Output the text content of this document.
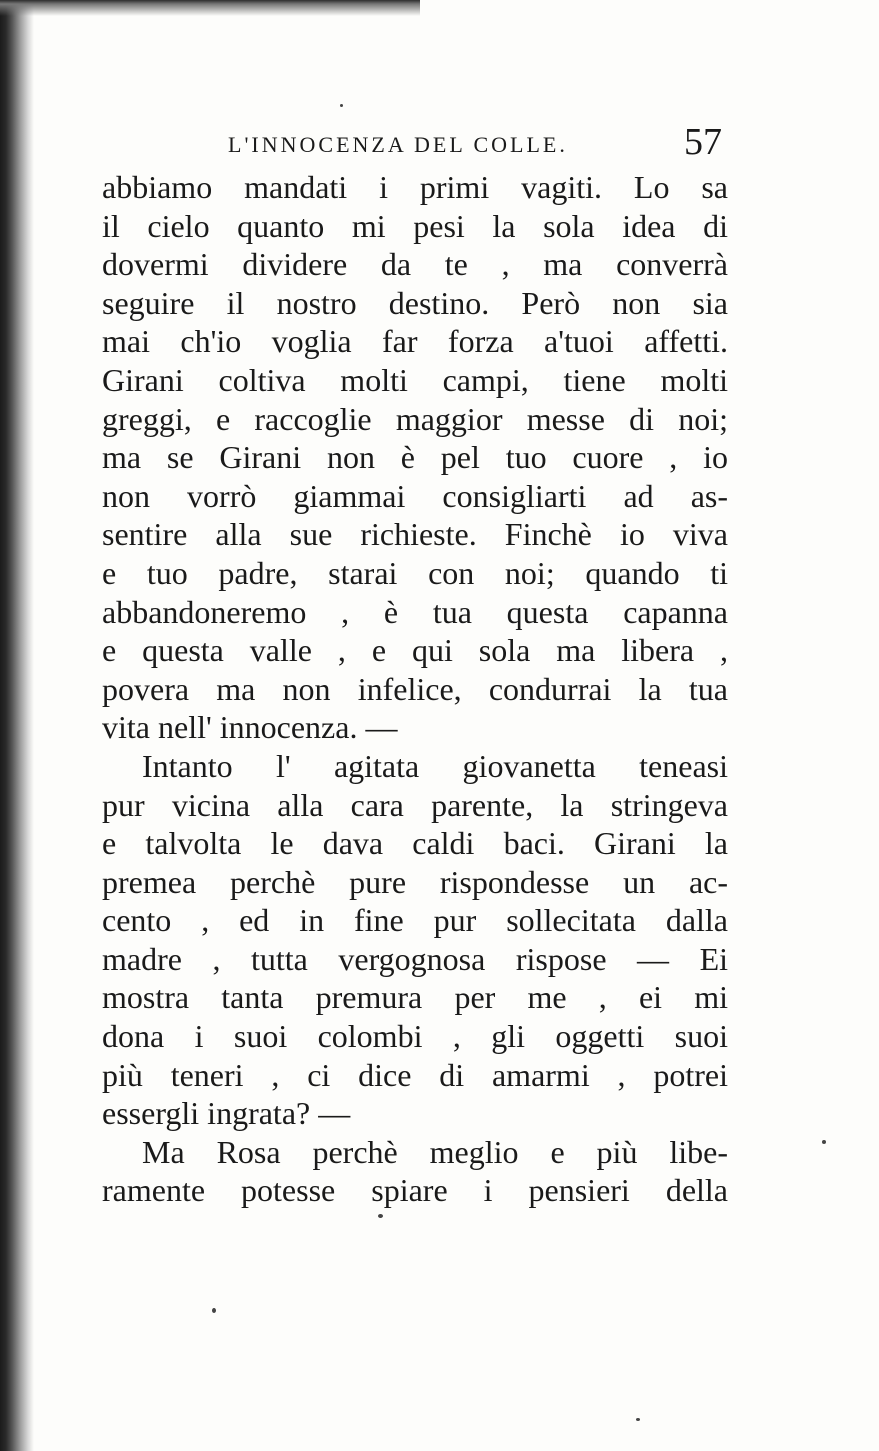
L'INNOCENZA DEL COLLE.	57
abbiamo mandati i primi vagiti. Lo sa
il cielo quanto mi pesi la sola idea di
dovermi dividere da te , ma converrà
seguire il nostro destino. Però non sia
mai ch'io voglia far forza a'tuoi affetti.
Girani coltiva molti campi, tiene molti
greggi, e raccoglie maggior messe di noi;
ma se Girani non è pel tuo cuore , io
non vorrò giammai consigliarti ad as-
sentire alla sue richieste. Finchè io viva
e tuo padre, starai con noi; quando ti
abbandoneremo , è tua questa capanna
e questa valle , e qui sola ma libera ,
povera ma non infelice, condurrai la tua
vita nell' innocenza. —
Intanto l' agitata giovanetta teneasi
pur vicina alla cara parente, la stringeva
e talvolta le dava caldi baci. Girani la
premea perchè pure rispondesse un ac-
cento , ed in fine pur sollecitata dalla
madre , tutta vergognosa rispose — Ei
mostra tanta premura per me , ei mi
dona i suoi colombi , gli oggetti suoi
più teneri , ci dice di amarmi , potrei
essergli ingrata? —
Ma Rosa perchè meglio e più libe-
ramente potesse spiare i pensieri della
